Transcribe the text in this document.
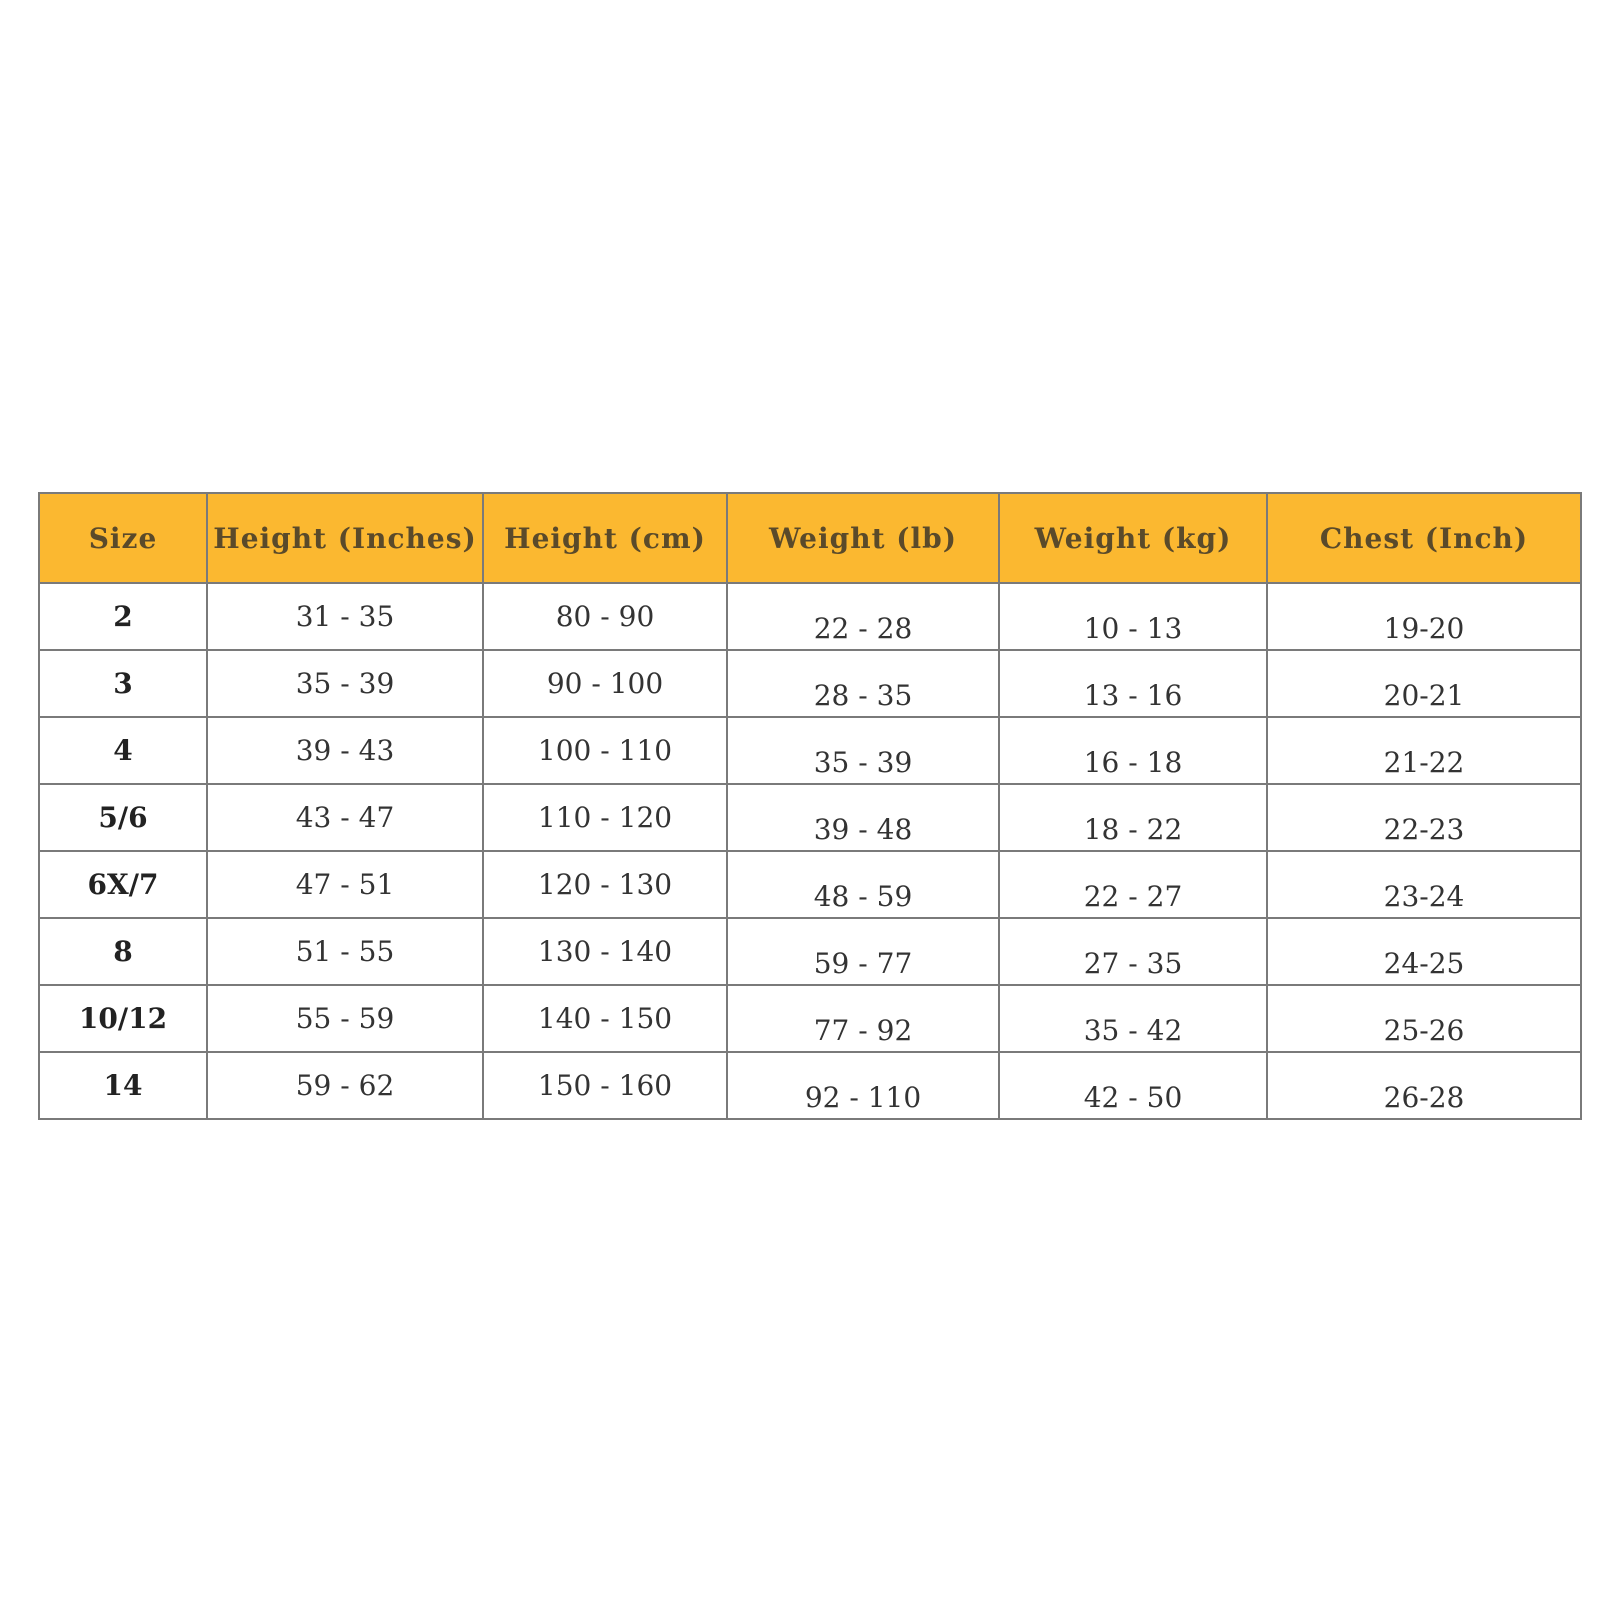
Size	Height (Inches)	Height (cm)	Weight (lb)	Weight (kg)	Chest (Inch)
2	31 - 35	80 - 90	22 - 28	10 - 13	19-20
3	35 - 39	90 - 100	28 - 35	13 - 16	20-21
4	39 - 43	100 - 110	35 - 39	16 - 18	21-22
5/6	43 - 47	110 - 120	39 - 48	18 - 22	22-23
6X/7	47 - 51	120 - 130	48 - 59	22 - 27	23-24
8	51 - 55	130 - 140	59 - 77	27 - 35	24-25
10/12	55 - 59	140 - 150	77 - 92	35 - 42	25-26
14	59 - 62	150 - 160	92 - 110	42 - 50	26-28
